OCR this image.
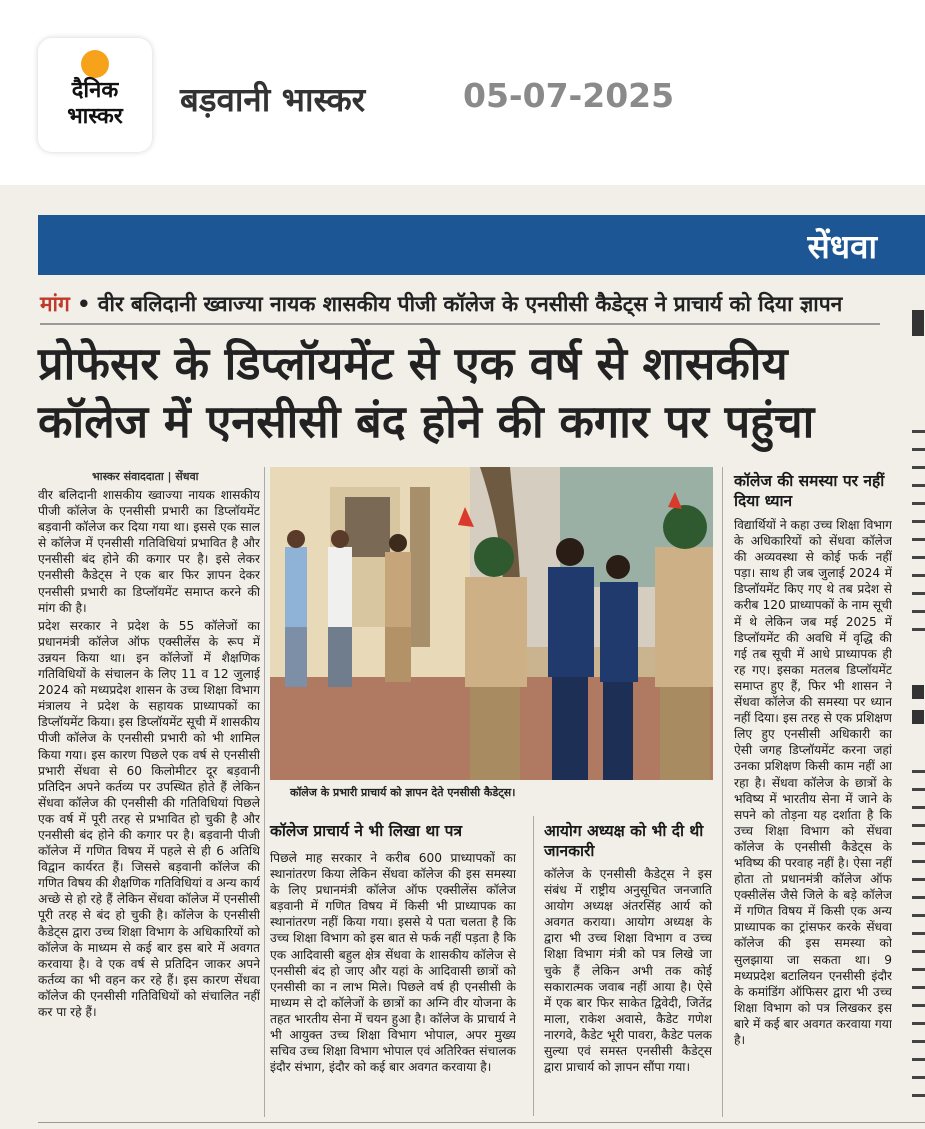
दैनिक
भास्कर	बड़वानी भास्कर	05-07-2025
सेंधवा
मांग • वीर बलिदानी ख्वाज्या नायक शासकीय पीजी कॉलेज के एनसीसी कैडेट्स ने प्राचार्य को दिया ज्ञापन
प्रोफेसर के डिप्लॉयमेंट से एक वर्ष से शासकीय
कॉलेज में एनसीसी बंद होने की कगार पर पहुंचा
भास्कर संवाददाता | सेंधवा

वीर बलिदानी शासकीय ख्वाज्या नायक शासकीय पीजी कॉलेज के एनसीसी प्रभारी का डिप्लॉयमेंट बड़वानी कॉलेज कर दिया गया था। इससे एक साल से कॉलेज में एनसीसी गतिविधियां प्रभावित है और एनसीसी बंद होने की कगार पर है। इसे लेकर एनसीसी कैडेट्स ने एक बार फिर ज्ञापन देकर एनसीसी प्रभारी का डिप्लॉयमेंट समाप्त करने की मांग की है।

प्रदेश सरकार ने प्रदेश के 55 कॉलेजों का प्रधानमंत्री कॉलेज ऑफ एक्सीलेंस के रूप में उन्नयन किया था। इन कॉलेजों में शैक्षणिक गतिविधियों के संचालन के लिए 11 व 12 जुलाई 2024 को मध्यप्रदेश शासन के उच्च शिक्षा विभाग मंत्रालय ने प्रदेश के सहायक प्राध्यापकों का डिप्लॉयमेंट किया। इस डिप्लॉयमेंट सूची में शासकीय पीजी कॉलेज के एनसीसी प्रभारी को भी शामिल किया गया। इस कारण पिछले एक वर्ष से एनसीसी प्रभारी सेंधवा से 60 किलोमीटर दूर बड़वानी प्रतिदिन अपने कर्तव्य पर उपस्थित होते हैं लेकिन सेंधवा कॉलेज की एनसीसी की गतिविधियां पिछले एक वर्ष में पूरी तरह से प्रभावित हो चुकी है और एनसीसी बंद होने की कगार पर है। बड़वानी पीजी कॉलेज में गणित विषय में पहले से ही 6 अतिथि विद्वान कार्यरत हैं। जिससे बड़वानी कॉलेज की गणित विषय की शैक्षणिक गतिविधियां व अन्य कार्य अच्छे से हो रहे हैं लेकिन सेंधवा कॉलेज में एनसीसी पूरी तरह से बंद हो चुकी है। कॉलेज के एनसीसी कैडेट्स द्वारा उच्च शिक्षा विभाग के अधिकारियों को कॉलेज के माध्यम से कई बार इस बारे में अवगत करवाया है। वे एक वर्ष से प्रतिदिन जाकर अपने कर्तव्य का भी वहन कर रहे हैं। इस कारण सेंधवा कॉलेज की एनसीसी गतिविधियों को संचालित नहीं कर पा रहे हैं।

कॉलेज के प्रभारी प्राचार्य को ज्ञापन देते एनसीसी कैडेट्स।
कॉलेज प्राचार्य ने भी लिखा था पत्र

पिछले माह सरकार ने करीब 600 प्राध्यापकों का स्थानांतरण किया लेकिन सेंधवा कॉलेज की इस समस्या के लिए प्रधानमंत्री कॉलेज ऑफ एक्सीलेंस कॉलेज बड़वानी में गणित विषय में किसी भी प्राध्यापक का स्थानांतरण नहीं किया गया। इससे ये पता चलता है कि उच्च शिक्षा विभाग को इस बात से फर्क नहीं पड़ता है कि एक आदिवासी बहुल क्षेत्र सेंधवा के शासकीय कॉलेज से एनसीसी बंद हो जाए और यहां के आदिवासी छात्रों को एनसीसी का न लाभ मिले। पिछले वर्ष ही एनसीसी के माध्यम से दो कॉलेजों के छात्रों का अग्नि वीर योजना के तहत भारतीय सेना में चयन हुआ है। कॉलेज के प्राचार्य ने भी आयुक्त उच्च शिक्षा विभाग भोपाल, अपर मुख्य सचिव उच्च शिक्षा विभाग भोपाल एवं अतिरिक्त संचालक इंदौर संभाग, इंदौर को कई बार अवगत करवाया है।

आयोग अध्यक्ष को भी दी थी जानकारी

कॉलेज के एनसीसी कैडेट्स ने इस संबंध में राष्ट्रीय अनुसूचित जनजाति आयोग अध्यक्ष अंतरसिंह आर्य को अवगत कराया। आयोग अध्यक्ष के द्वारा भी उच्च शिक्षा विभाग व उच्च शिक्षा विभाग मंत्री को पत्र लिखे जा चुके हैं लेकिन अभी तक कोई सकारात्मक जवाब नहीं आया है। ऐसे में एक बार फिर साकेत द्विवेदी, जितेंद्र माला, राकेश अवासे, कैडेट गणेश नारगवे, कैडेट भूरी पावरा, कैडेट पलक सुल्या एवं समस्त एनसीसी कैडेट्स द्वारा प्राचार्य को ज्ञापन सौंपा गया।

कॉलेज की समस्या पर नहीं दिया ध्यान

विद्यार्थियों ने कहा उच्च शिक्षा विभाग के अधिकारियों को सेंधवा कॉलेज की अव्यवस्था से कोई फर्क नहीं पड़ा। साथ ही जब जुलाई 2024 में डिप्लॉयमेंट किए गए थे तब प्रदेश से करीब 120 प्राध्यापकों के नाम सूची में थे लेकिन जब मई 2025 में डिप्लॉयमेंट की अवधि में वृद्धि की गई तब सूची में आधे प्राध्यापक ही रह गए। इसका मतलब डिप्लॉयमेंट समाप्त हुए हैं, फिर भी शासन ने सेंधवा कॉलेज की समस्या पर ध्यान नहीं दिया। इस तरह से एक प्रशिक्षण लिए हुए एनसीसी अधिकारी का ऐसी जगह डिप्लॉयमेंट करना जहां उनका प्रशिक्षण किसी काम नहीं आ रहा है। सेंधवा कॉलेज के छात्रों के भविष्य में भारतीय सेना में जाने के सपने को तोड़ना यह दर्शाता है कि उच्च शिक्षा विभाग को सेंधवा कॉलेज के एनसीसी कैडेट्स के भविष्य की परवाह नहीं है। ऐसा नहीं होता तो प्रधानमंत्री कॉलेज ऑफ एक्सीलेंस जैसे जिले के बड़े कॉलेज में गणित विषय में किसी एक अन्य प्राध्यापक का ट्रांसफर करके सेंधवा कॉलेज की इस समस्या को सुलझाया जा सकता था। 9 मध्यप्रदेश बटालियन एनसीसी इंदौर के कमांडिंग ऑफिसर द्वारा भी उच्च शिक्षा विभाग को पत्र लिखकर इस बारे में कई बार अवगत करवाया गया है।
